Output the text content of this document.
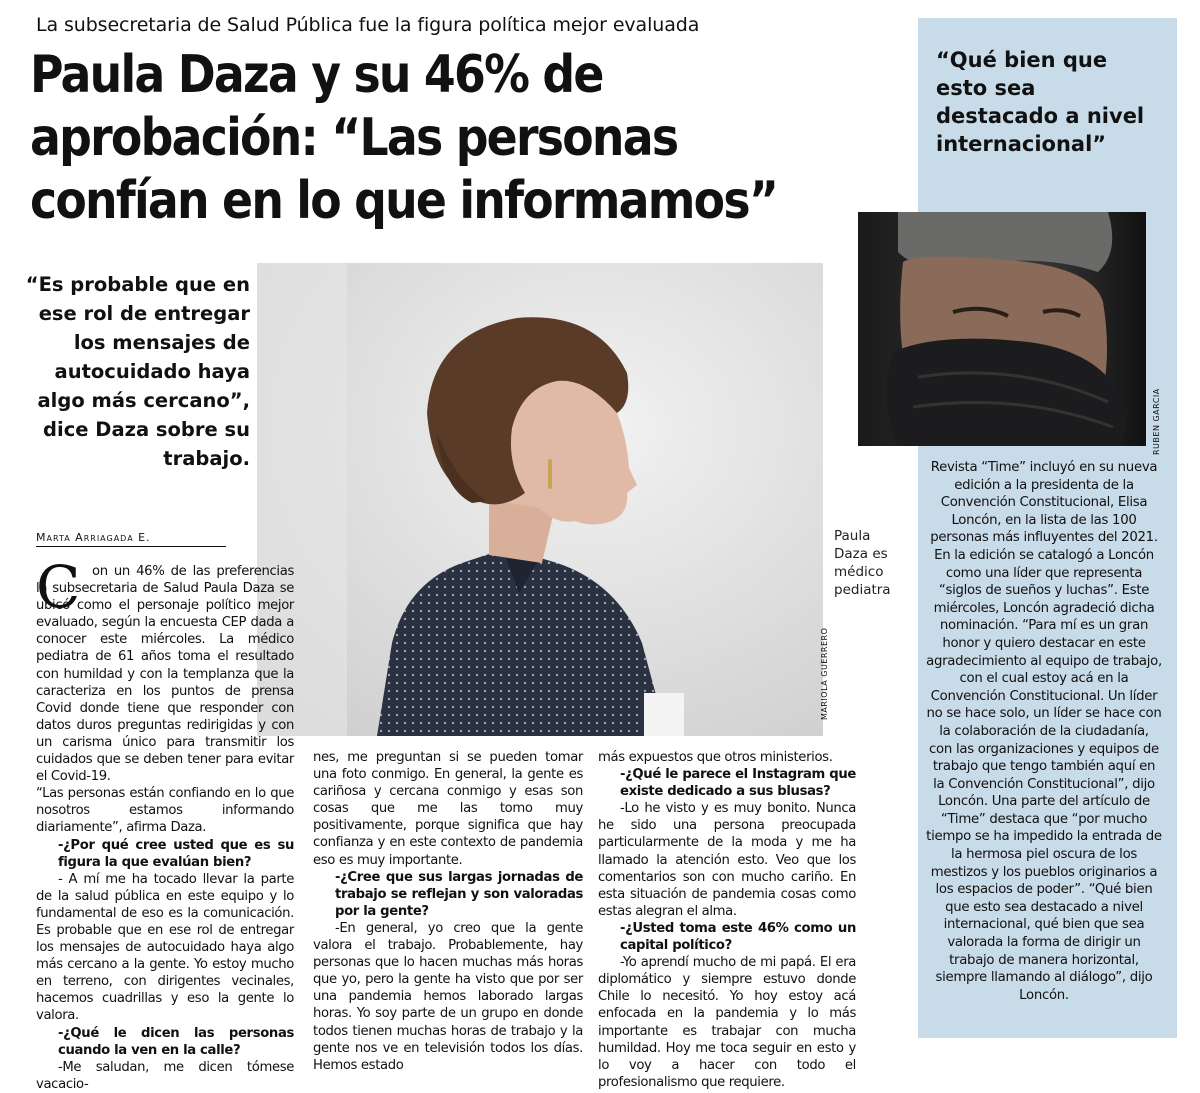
La subsecretaria de Salud Pública fue la figura política mejor evaluada
Paula Daza y su 46% de
aprobación: “Las personas
confían en lo que informamos”
“Es probable que en ese rol de entregar los mensajes de autocuidado haya algo más cercano”, dice Daza sobre su trabajo.
Paula Daza es médico pediatra
MARIOLA GUERRERO
Marta Arriagada E.
C on un 46% de las preferencias la subsecretaria de Salud Paula Daza se ubicó como el personaje político mejor evaluado, según la encuesta CEP dada a conocer este miércoles. La médico pediatra de 61 años toma el resultado con humildad y con la templanza que la caracteriza en los puntos de prensa Covid donde tiene que responder con datos duros preguntas redirigidas y con un carisma único para transmitir los cuidados que se deben tener para evitar el Covid-19.

“Las personas están confiando en lo que nosotros estamos informando diariamente”, afirma Daza.

-¿Por qué cree usted que es su figura la que evalúan bien?

- A mí me ha tocado llevar la parte de la salud pública en este equipo y lo fundamental de eso es la comunicación. Es probable que en ese rol de entregar los mensajes de autocuidado haya algo más cercano a la gente. Yo estoy mucho en terreno, con dirigentes vecinales, hacemos cuadrillas y eso la gente lo valora.

-¿Qué le dicen las personas cuando la ven en la calle?

-Me saludan, me dicen tómese vacacio-

nes, me preguntan si se pueden tomar una foto conmigo. En general, la gente es cariñosa y cercana conmigo y esas son cosas que me las tomo muy positivamente, porque significa que hay confianza y en este contexto de pandemia eso es muy importante.

-¿Cree que sus largas jornadas de trabajo se reflejan y son valoradas por la gente?

-En general, yo creo que la gente valora el trabajo. Probablemente, hay personas que lo hacen muchas más horas que yo, pero la gente ha visto que por ser una pandemia hemos laborado largas horas. Yo soy parte de un grupo en donde todos tienen muchas horas de trabajo y la gente nos ve en televisión todos los días. Hemos estado

más expuestos que otros ministerios.

-¿Qué le parece el Instagram que existe dedicado a sus blusas?

-Lo he visto y es muy bonito. Nunca he sido una persona preocupada particularmente de la moda y me ha llamado la atención esto. Veo que los comentarios son con mucho cariño. En esta situación de pandemia cosas como estas alegran el alma.

-¿Usted toma este 46% como un capital político?

-Yo aprendí mucho de mi papá. El era diplomático y siempre estuvo donde Chile lo necesitó. Yo hoy estoy acá enfocada en la pandemia y lo más importante es trabajar con mucha humildad. Hoy me toca seguir en esto y lo voy a hacer con todo el profesionalismo que requiere.

“Qué bien que esto sea destacado a nivel internacional”
RUBEN GARCIA
Revista “Time” incluyó en su nueva edición a la presidenta de la Convención Constitucional, Elisa Loncón, en la lista de las 100 personas más influyentes del 2021. En la edición se catalogó a Loncón como una líder que representa “siglos de sueños y luchas”. Este miércoles, Loncón agradeció dicha nominación. “Para mí es un gran honor y quiero destacar en este agradecimiento al equipo de trabajo, con el cual estoy acá en la Convención Constitucional. Un líder no se hace solo, un líder se hace con la colaboración de la ciudadanía, con las organizaciones y equipos de trabajo que tengo también aquí en la Convención Constitucional”, dijo Loncón. Una parte del artículo de “Time” destaca que “por mucho tiempo se ha impedido la entrada de la hermosa piel oscura de los mestizos y los pueblos originarios a los espacios de poder”. “Qué bien que esto sea destacado a nivel internacional, qué bien que sea valorada la forma de dirigir un trabajo de manera horizontal, siempre llamando al diálogo”, dijo Loncón.
